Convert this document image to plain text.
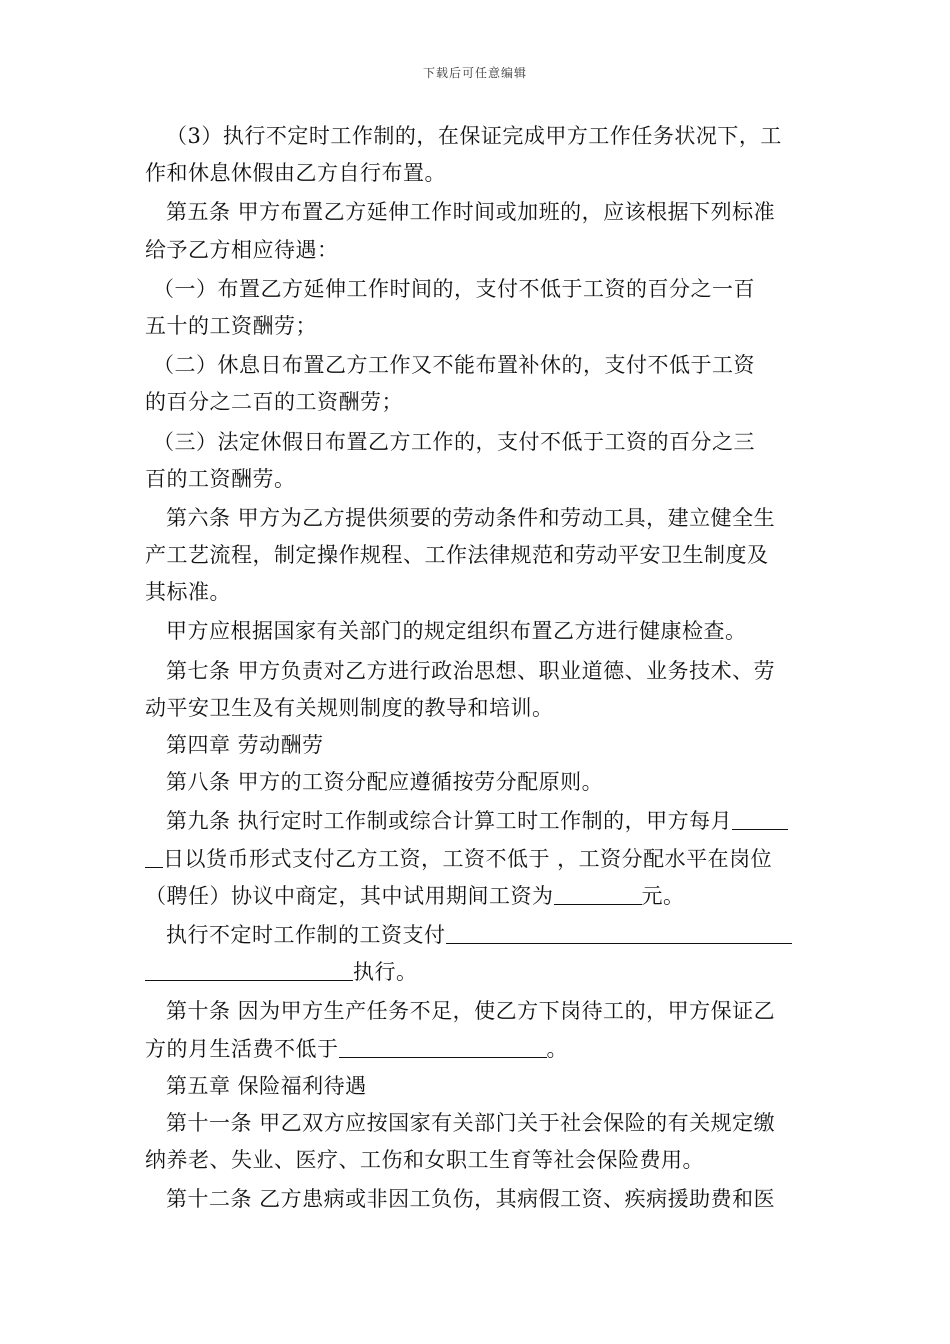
下载后可任意编辑
（3）执行不定时工作制的，在保证完成甲方工作任务状况下，工
作和休息休假由乙方自行布置。
第五条 甲方布置乙方延伸工作时间或加班的，应该根据下列标准
给予乙方相应待遇：
（一）布置乙方延伸工作时间的，支付不低于工资的百分之一百
五十的工资酬劳；
（二）休息日布置乙方工作又不能布置补休的，支付不低于工资
的百分之二百的工资酬劳；
（三）法定休假日布置乙方工作的，支付不低于工资的百分之三
百的工资酬劳。
第六条 甲方为乙方提供须要的劳动条件和劳动工具，建立健全生
产工艺流程，制定操作规程、工作法律规范和劳动平安卫生制度及
其标准。
甲方应根据国家有关部门的规定组织布置乙方进行健康检查。
第七条 甲方负责对乙方进行政治思想、职业道德、业务技术、劳
动平安卫生及有关规则制度的教导和培训。
第四章 劳动酬劳
第八条 甲方的工资分配应遵循按劳分配原则。
第九条 执行定时工作制或综合计算工时工作制的，甲方每月
日以货币形式支付乙方工资，工资不低于 ，工资分配水平在岗位
（聘任）协议中商定，其中试用期间工资为	元。
执行不定时工作制的工资支付
执行。
第十条 因为甲方生产任务不足，使乙方下岗待工的，甲方保证乙
方的月生活费不低于	。
第五章 保险福利待遇
第十一条 甲乙双方应按国家有关部门关于社会保险的有关规定缴
纳养老、失业、医疗、工伤和女职工生育等社会保险费用。
第十二条 乙方患病或非因工负伤，其病假工资、疾病援助费和医
